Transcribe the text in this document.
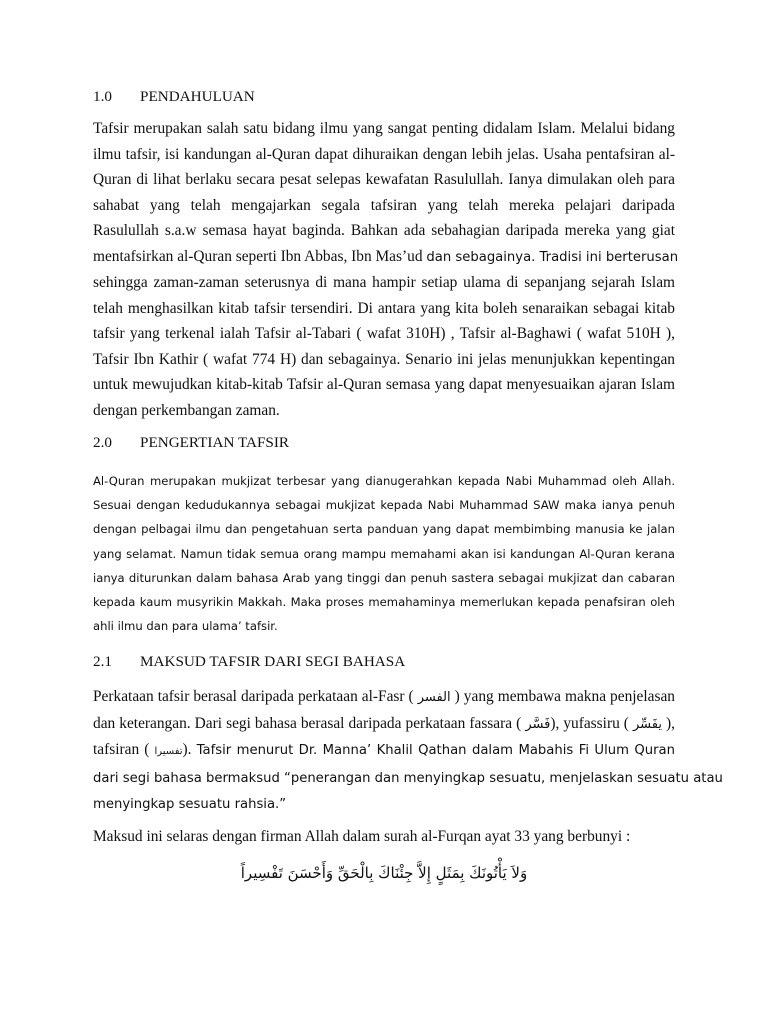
1.0 PENDAHULUAN
Tafsir merupakan salah satu bidang ilmu yang sangat penting didalam Islam. Melalui bidang
ilmu tafsir, isi kandungan al-Quran dapat dihuraikan dengan lebih jelas. Usaha pentafsiran al-
Quran di lihat berlaku secara pesat selepas kewafatan Rasulullah. Ianya dimulakan oleh para
sahabat yang telah mengajarkan segala tafsiran yang telah mereka pelajari daripada
Rasulullah s.a.w semasa hayat baginda. Bahkan ada sebahagian daripada mereka yang giat
mentafsirkan al-Quran seperti Ibn Abbas, Ibn Mas’ud dan sebagainya. Tradisi ini berterusan
sehingga zaman-zaman seterusnya di mana hampir setiap ulama di sepanjang sejarah Islam
telah menghasilkan kitab tafsir tersendiri. Di antara yang kita boleh senaraikan sebagai kitab
tafsir yang terkenal ialah Tafsir al-Tabari ( wafat 310H) , Tafsir al-Baghawi ( wafat 510H ),
Tafsir Ibn Kathir ( wafat 774 H) dan sebagainya. Senario ini jelas menunjukkan kepentingan
untuk mewujudkan kitab-kitab Tafsir al-Quran semasa yang dapat menyesuaikan ajaran Islam
dengan perkembangan zaman.
2.0 PENGERTIAN TAFSIR
Al-Quran merupakan mukjizat terbesar yang dianugerahkan kepada Nabi Muhammad oleh Allah.
Sesuai dengan kedudukannya sebagai mukjizat kepada Nabi Muhammad SAW maka ianya penuh
dengan pelbagai ilmu dan pengetahuan serta panduan yang dapat membimbing manusia ke jalan
yang selamat. Namun tidak semua orang mampu memahami akan isi kandungan Al-Quran kerana
ianya diturunkan dalam bahasa Arab yang tinggi dan penuh sastera sebagai mukjizat dan cabaran
kepada kaum musyrikin Makkah. Maka proses memahaminya memerlukan kepada penafsiran oleh
ahli ilmu dan para ulama’ tafsir.
2.1 MAKSUD TAFSIR DARI SEGI BAHASA
Perkataan tafsir berasal daripada perkataan al-Fasr ( الفسر ) yang membawa makna penjelasan
dan keterangan. Dari segi bahasa berasal daripada perkataan fassara ( فَسَّر), yufassiru ( يفَسِّر ),
tafsiran ( تفسيرا). Tafsir menurut Dr. Manna’ Khalil Qathan dalam Mabahis Fi Ulum Quran
dari segi bahasa bermaksud “penerangan dan menyingkap sesuatu, menjelaskan sesuatu atau
menyingkap sesuatu rahsia.”
Maksud ini selaras dengan firman Allah dalam surah al-Furqan ayat 33 yang berbunyi :
وَلاَ يَأْتُونَكَ بِمَثَلٍ إِلاَّ جِئْنَاكَ بِالْحَقِّ وَأَحْسَنَ تَفْسِيراً
